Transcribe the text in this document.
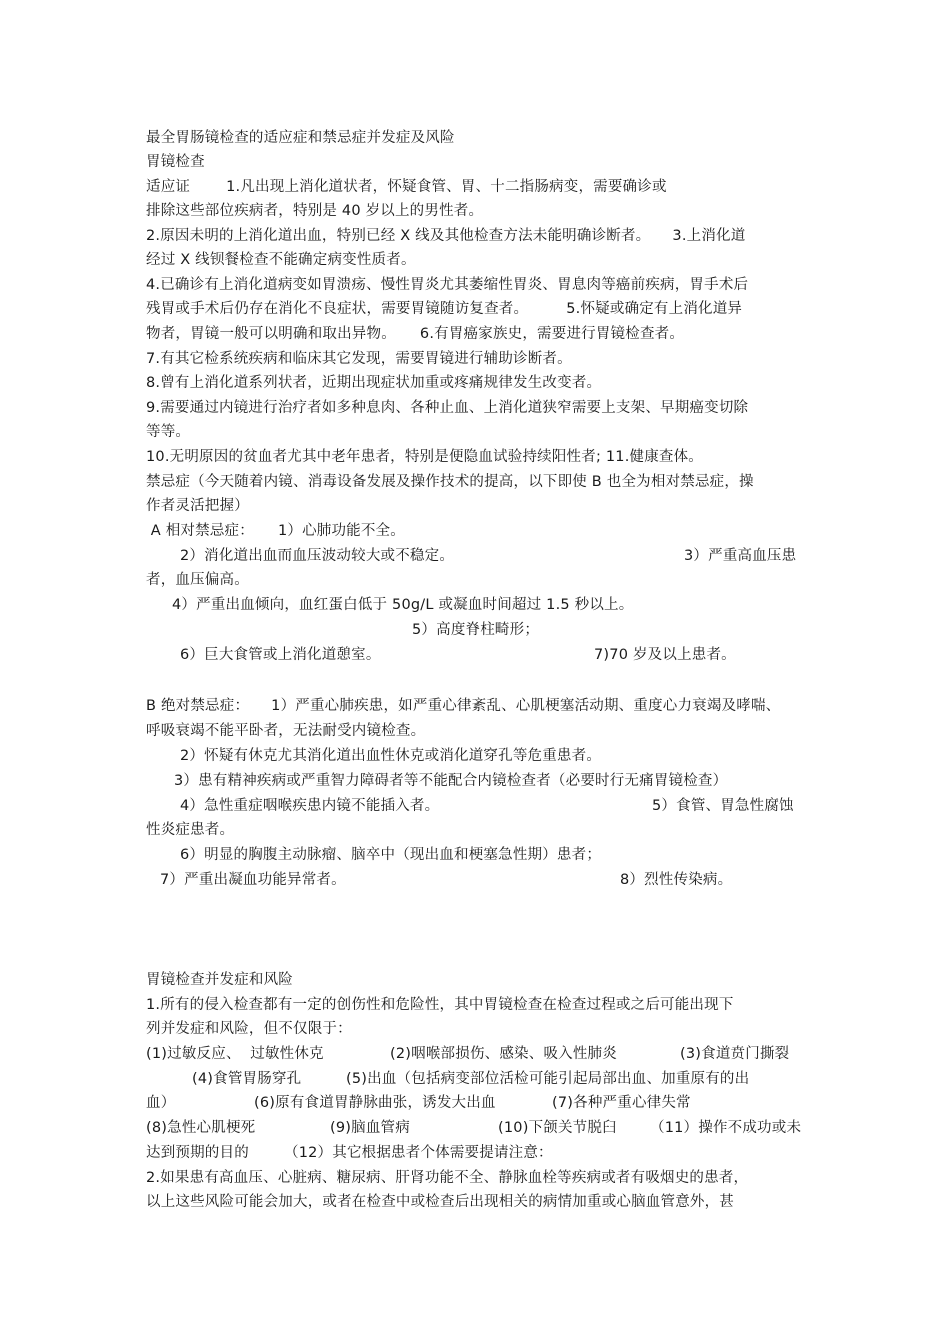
最全胃肠镜检查的适应症和禁忌症并发症及风险
胃镜检查
适应证 1.凡出现上消化道状者，怀疑食管、胃、十二指肠病变，需要确诊或
排除这些部位疾病者，特别是 40 岁以上的男性者。
2.原因未明的上消化道出血，特别已经 X 线及其他检查方法未能明确诊断者。 3.上消化道
经过 X 线钡餐检查不能确定病变性质者。
4.已确诊有上消化道病变如胃溃疡、慢性胃炎尤其萎缩性胃炎、胃息肉等癌前疾病，胃手术后
残胃或手术后仍存在消化不良症状，需要胃镜随访复查者。	5.怀疑或确定有上消化道异
物者，胃镜一般可以明确和取出异物。 6.有胃癌家族史，需要进行胃镜检查者。
7.有其它检系统疾病和临床其它发现，需要胃镜进行辅助诊断者。
8.曾有上消化道系列状者，近期出现症状加重或疼痛规律发生改变者。
9.需要通过内镜进行治疗者如多种息肉、各种止血、上消化道狭窄需要上支架、早期癌变切除
等等。
10.无明原因的贫血者尤其中老年患者，特别是便隐血试验持续阳性者; 11.健康查体。
禁忌症（今天随着内镜、消毒设备发展及操作技术的提高，以下即使 B 也全为相对禁忌症，操
作者灵活把握）
A 相对禁忌症： 1）心肺功能不全。
2）消化道出血而血压波动较大或不稳定。	3）严重高血压患
者，血压偏高。
4）严重出血倾向，血红蛋白低于 50g/L 或凝血时间超过 1.5 秒以上。
5）高度脊柱畸形；
6）巨大食管或上消化道憩室。	7)70 岁及以上患者。
B 绝对禁忌症： 1）严重心肺疾患，如严重心律紊乱、心肌梗塞活动期、重度心力衰竭及哮喘、
呼吸衰竭不能平卧者，无法耐受内镜检查。
2）怀疑有休克尤其消化道出血性休克或消化道穿孔等危重患者。
3）患有精神疾病或严重智力障碍者等不能配合内镜检查者（必要时行无痛胃镜检查）
4）急性重症咽喉疾患内镜不能插入者。	5）食管、胃急性腐蚀
性炎症患者。
6）明显的胸腹主动脉瘤、脑卒中（现出血和梗塞急性期）患者；
7）严重出凝血功能异常者。	8）烈性传染病。
胃镜检查并发症和风险
1.所有的侵入检查都有一定的创伤性和危险性，其中胃镜检查在检查过程或之后可能出现下
列并发症和风险，但不仅限于：
(1)过敏反应、  过敏性休克	(2)咽喉部损伤、感染、吸入性肺炎	(3)食道贲门撕裂
(4)食管胃肠穿孔	(5)出血（包括病变部位活检可能引起局部出血、加重原有的出
血）	(6)原有食道胃静脉曲张，诱发大出血	(7)各种严重心律失常
(8)急性心肌梗死	(9)脑血管病	(10)下颌关节脱臼 （11）操作不成功或未
达到预期的目的 （12）其它根据患者个体需要提请注意：
2.如果患有高血压、心脏病、糖尿病、肝肾功能不全、静脉血栓等疾病或者有吸烟史的患者，
以上这些风险可能会加大，或者在检查中或检查后出现相关的病情加重或心脑血管意外，甚
